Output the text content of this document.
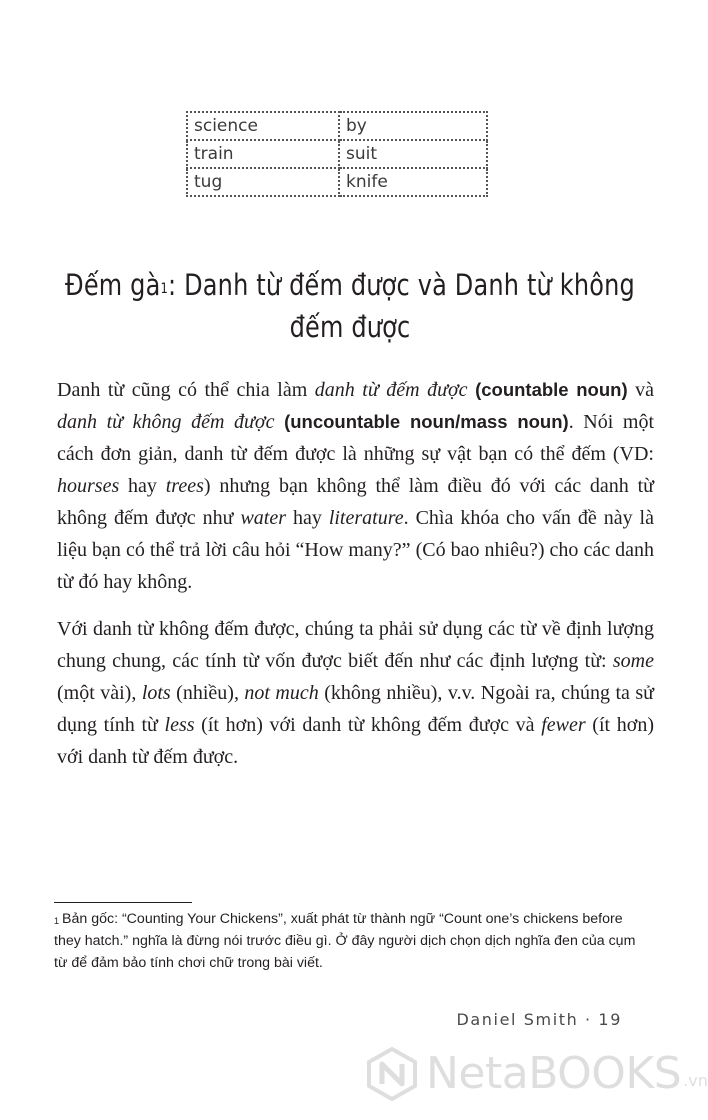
science	by
train	suit
tug	knife
Đếm $gà^1$: Danh từ đếm được và Danh từ không đếm được

Danh từ cũng có thể chia làm danh từ đếm được (countable noun) và danh từ không đếm được (uncountable noun/mass noun). Nói một cách đơn giản, danh từ đếm được là những sự vật bạn có thể đếm (VD: hourses hay trees) nhưng bạn không thể làm điều đó với các danh từ không đếm được như water hay literature. Chìa khóa cho vấn đề này là liệu bạn có thể trả lời câu hỏi “How many?” (Có bao nhiêu?) cho các danh từ đó hay không.

Với danh từ không đếm được, chúng ta phải sử dụng các từ về định lượng chung chung, các tính từ vốn được biết đến như các định lượng từ: some (một vài), lots (nhiều), not much (không nhiều), v.v. Ngoài ra, chúng ta sử dụng tính từ less (ít hơn) với danh từ không đếm được và fewer (ít hơn) với danh từ đếm được.

$^1$ Bản gốc: “Counting Your Chickens”, xuất phát từ thành ngữ “Count one’s chickens before they hatch.” nghĩa là đừng nói trước điều gì. Ở đây người dịch chọn dịch nghĩa đen của cụm từ để đảm bảo tính chơi chữ trong bài viết.

Daniel Smith · 19
NetaBOOKS .vn
